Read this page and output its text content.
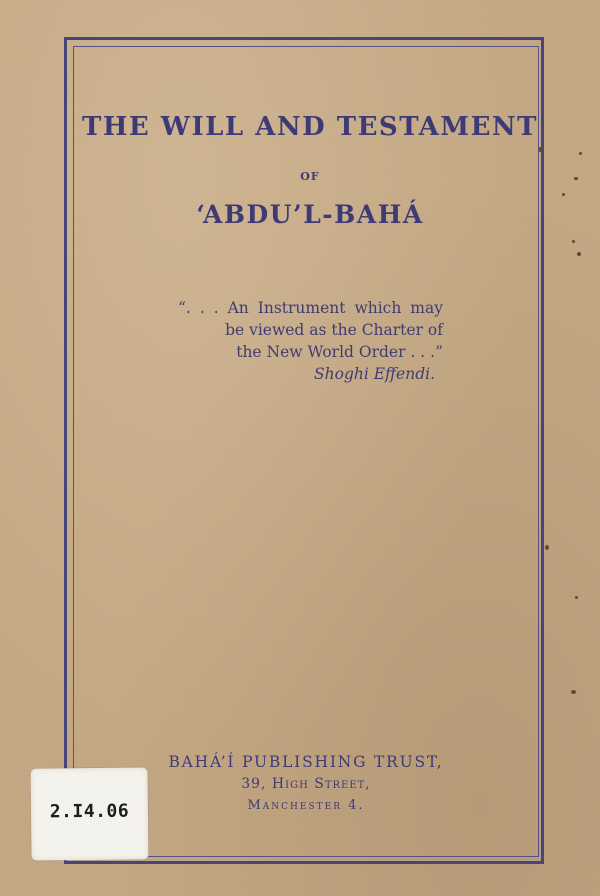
THE WILL AND TESTAMENT
OF
‘ABDU’L-BAHÁ
“. . . An Instrument which may
be viewed as the Charter of
the New World Order . . .”
Shoghi Effendi.
BAHÁ’Í PUBLISHING TRUST,
39, High Street,
Manchester 4.
2.I4.06
